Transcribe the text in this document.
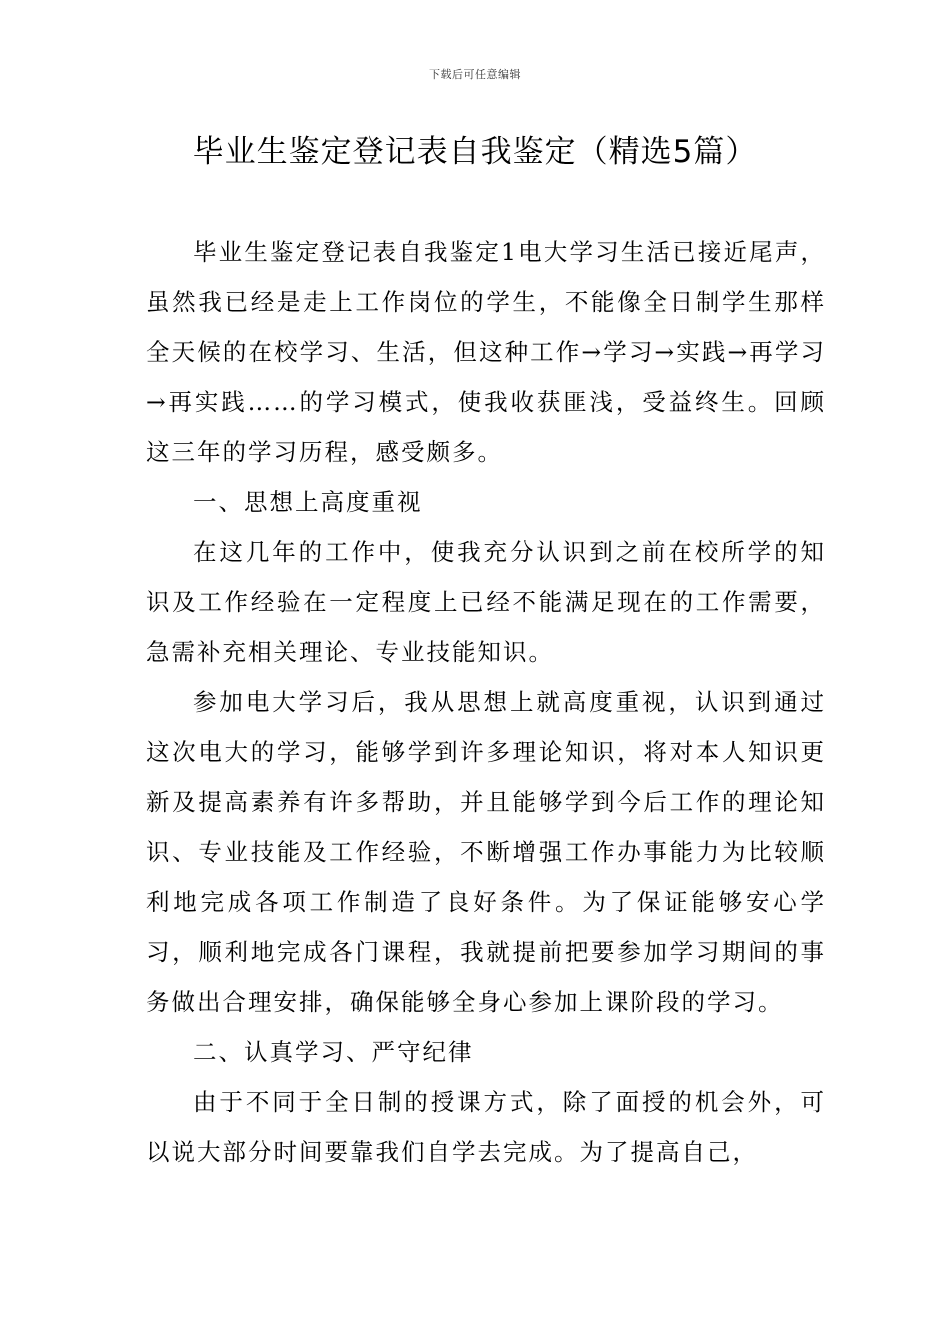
下载后可任意编辑
毕业生鉴定登记表自我鉴定（精选5篇）

毕业生鉴定登记表自我鉴定1电大学习生活已接近尾声，虽然我已经是走上工作岗位的学生，不能像全日制学生那样全天候的在校学习、生活，但这种工作→学习→实践→再学习→再实践……的学习模式，使我收获匪浅，受益终生。回顾这三年的学习历程，感受颇多。

一、思想上高度重视

在这几年的工作中，使我充分认识到之前在校所学的知识及工作经验在一定程度上已经不能满足现在的工作需要，急需补充相关理论、专业技能知识。

参加电大学习后，我从思想上就高度重视，认识到通过这次电大的学习，能够学到许多理论知识，将对本人知识更新及提高素养有许多帮助，并且能够学到今后工作的理论知识、专业技能及工作经验，不断增强工作办事能力为比较顺利地完成各项工作制造了良好条件。为了保证能够安心学习，顺利地完成各门课程，我就提前把要参加学习期间的事务做出合理安排，确保能够全身心参加上课阶段的学习。

二、认真学习、严守纪律

由于不同于全日制的授课方式，除了面授的机会外，可以说大部分时间要靠我们自学去完成。为了提高自己，
